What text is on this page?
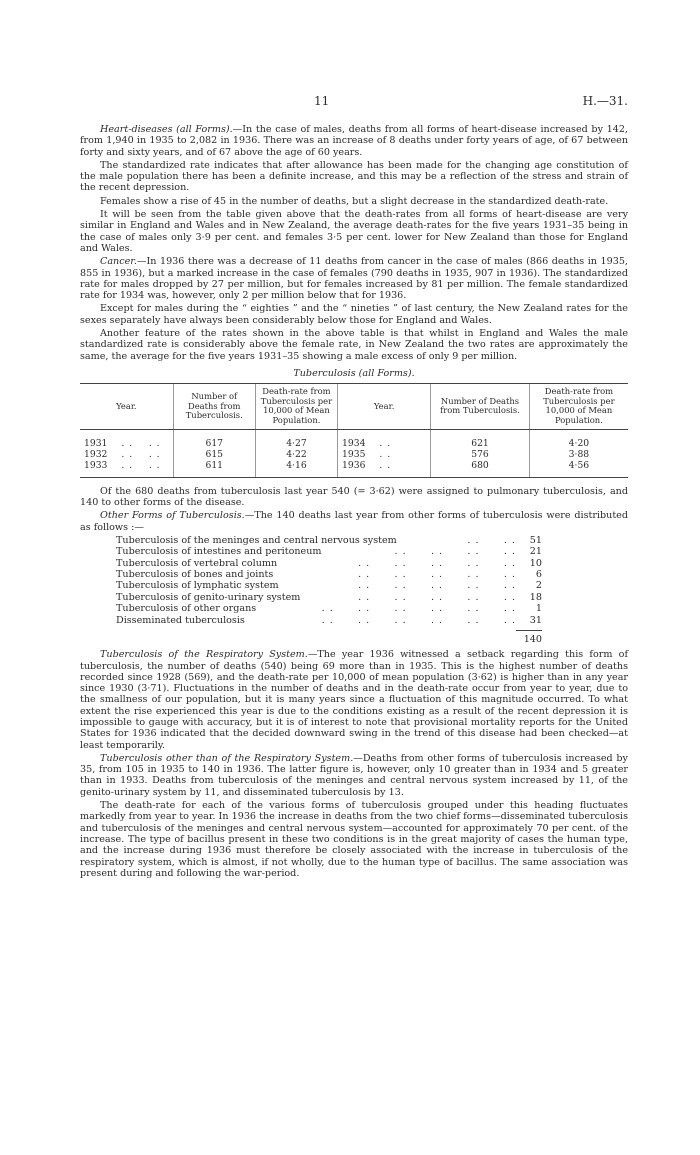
11	H.—31.

Heart-diseases (all Forms).—In the case of males, deaths from all forms of heart-disease increased by 142, from 1,940 in 1935 to 2,082 in 1936. There was an increase of 8 deaths under forty years of age, of 67 between forty and sixty years, and of 67 above the age of 60 years.

The standardized rate indicates that after allowance has been made for the changing age constitution of the male population there has been a definite increase, and this may be a reflection of the stress and strain of the recent depression.

Females show a rise of 45 in the number of deaths, but a slight decrease in the standardized death-rate.

It will be seen from the table given above that the death-rates from all forms of heart-disease are very similar in England and Wales and in New Zealand, the average death-rates for the five years 1931–35 being in the case of males only 3·9 per cent. and females 3·5 per cent. lower for New Zealand than those for England and Wales.

Cancer.—In 1936 there was a decrease of 11 deaths from cancer in the case of males (866 deaths in 1935, 855 in 1936), but a marked increase in the case of females (790 deaths in 1935, 907 in 1936). The standardized rate for males dropped by 27 per million, but for females increased by 81 per million. The female standardized rate for 1934 was, however, only 2 per million below that for 1936.

Except for males during the “ eighties ” and the “ nineties ” of last century, the New Zealand rates for the sexes separately have always been considerably below those for England and Wales.

Another feature of the rates shown in the above table is that whilst in England and Wales the male standardized rate is considerably above the female rate, in New Zealand the two rates are approximately the same, the average for the five years 1931–35 showing a male excess of only 9 per million.

Tuberculosis (all Forms).
Year.	Number of Deaths from Tuberculosis.	Death-rate from Tuberculosis per 10,000 of Mean Population.	Year.	Number of Deaths from Tuberculosis.	Death-rate from Tuberculosis per 10,000 of Mean Population.
1931 . .    . .	617	4·27	1934 . .	621	4·20
1932 . .    . .	615	4·22	1935 . .	576	3·88
1933 . .    . .	611	4·16	1936 . .	680	4·56

Of the 680 deaths from tuberculosis last year 540 (= 3·62) were assigned to pulmonary tuberculosis, and 140 to other forms of the disease.

Other Forms of Tuberculosis.—The 140 deaths last year from other forms of tuberculosis were distributed as follows :—

Tuberculosis of the meninges and central nervous system	. .      . .	51
Tuberculosis of intestines and peritoneum	. .      . .      . .      . .	21
Tuberculosis of vertebral column	. .      . .      . .      . .      . .	10
Tuberculosis of bones and joints	. .      . .      . .      . .      . .	6
Tuberculosis of lymphatic system	. .      . .      . .      . .      . .	2
Tuberculosis of genito-urinary system	. .      . .      . .      . .      . .	18
Tuberculosis of other organs	. .      . .      . .      . .      . .      . .	1
Disseminated tuberculosis	. .      . .      . .      . .      . .      . .	31
140

Tuberculosis of the Respiratory System.—The year 1936 witnessed a setback regarding this form of tuberculosis, the number of deaths (540) being 69 more than in 1935. This is the highest number of deaths recorded since 1928 (569), and the death-rate per 10,000 of mean population (3·62) is higher than in any year since 1930 (3·71). Fluctuations in the number of deaths and in the death-rate occur from year to year, due to the smallness of our population, but it is many years since a fluctuation of this magnitude occurred. To what extent the rise experienced this year is due to the conditions existing as a result of the recent depression it is impossible to gauge with accuracy, but it is of interest to note that provisional mortality reports for the United States for 1936 indicated that the decided downward swing in the trend of this disease had been checked—at least temporarily.

Tuberculosis other than of the Respiratory System.—Deaths from other forms of tuberculosis increased by 35, from 105 in 1935 to 140 in 1936. The latter figure is, however, only 10 greater than in 1934 and 5 greater than in 1933. Deaths from tuberculosis of the meninges and central nervous system increased by 11, of the genito-urinary system by 11, and disseminated tuberculosis by 13.

The death-rate for each of the various forms of tuberculosis grouped under this heading fluctuates markedly from year to year. In 1936 the increase in deaths from the two chief forms—disseminated tuberculosis and tuberculosis of the meninges and central nervous system—accounted for approximately 70 per cent. of the increase. The type of bacillus present in these two conditions is in the great majority of cases the human type, and the increase during 1936 must therefore be closely associated with the increase in tuberculosis of the respiratory system, which is almost, if not wholly, due to the human type of bacillus. The same association was present during and following the war-period.
